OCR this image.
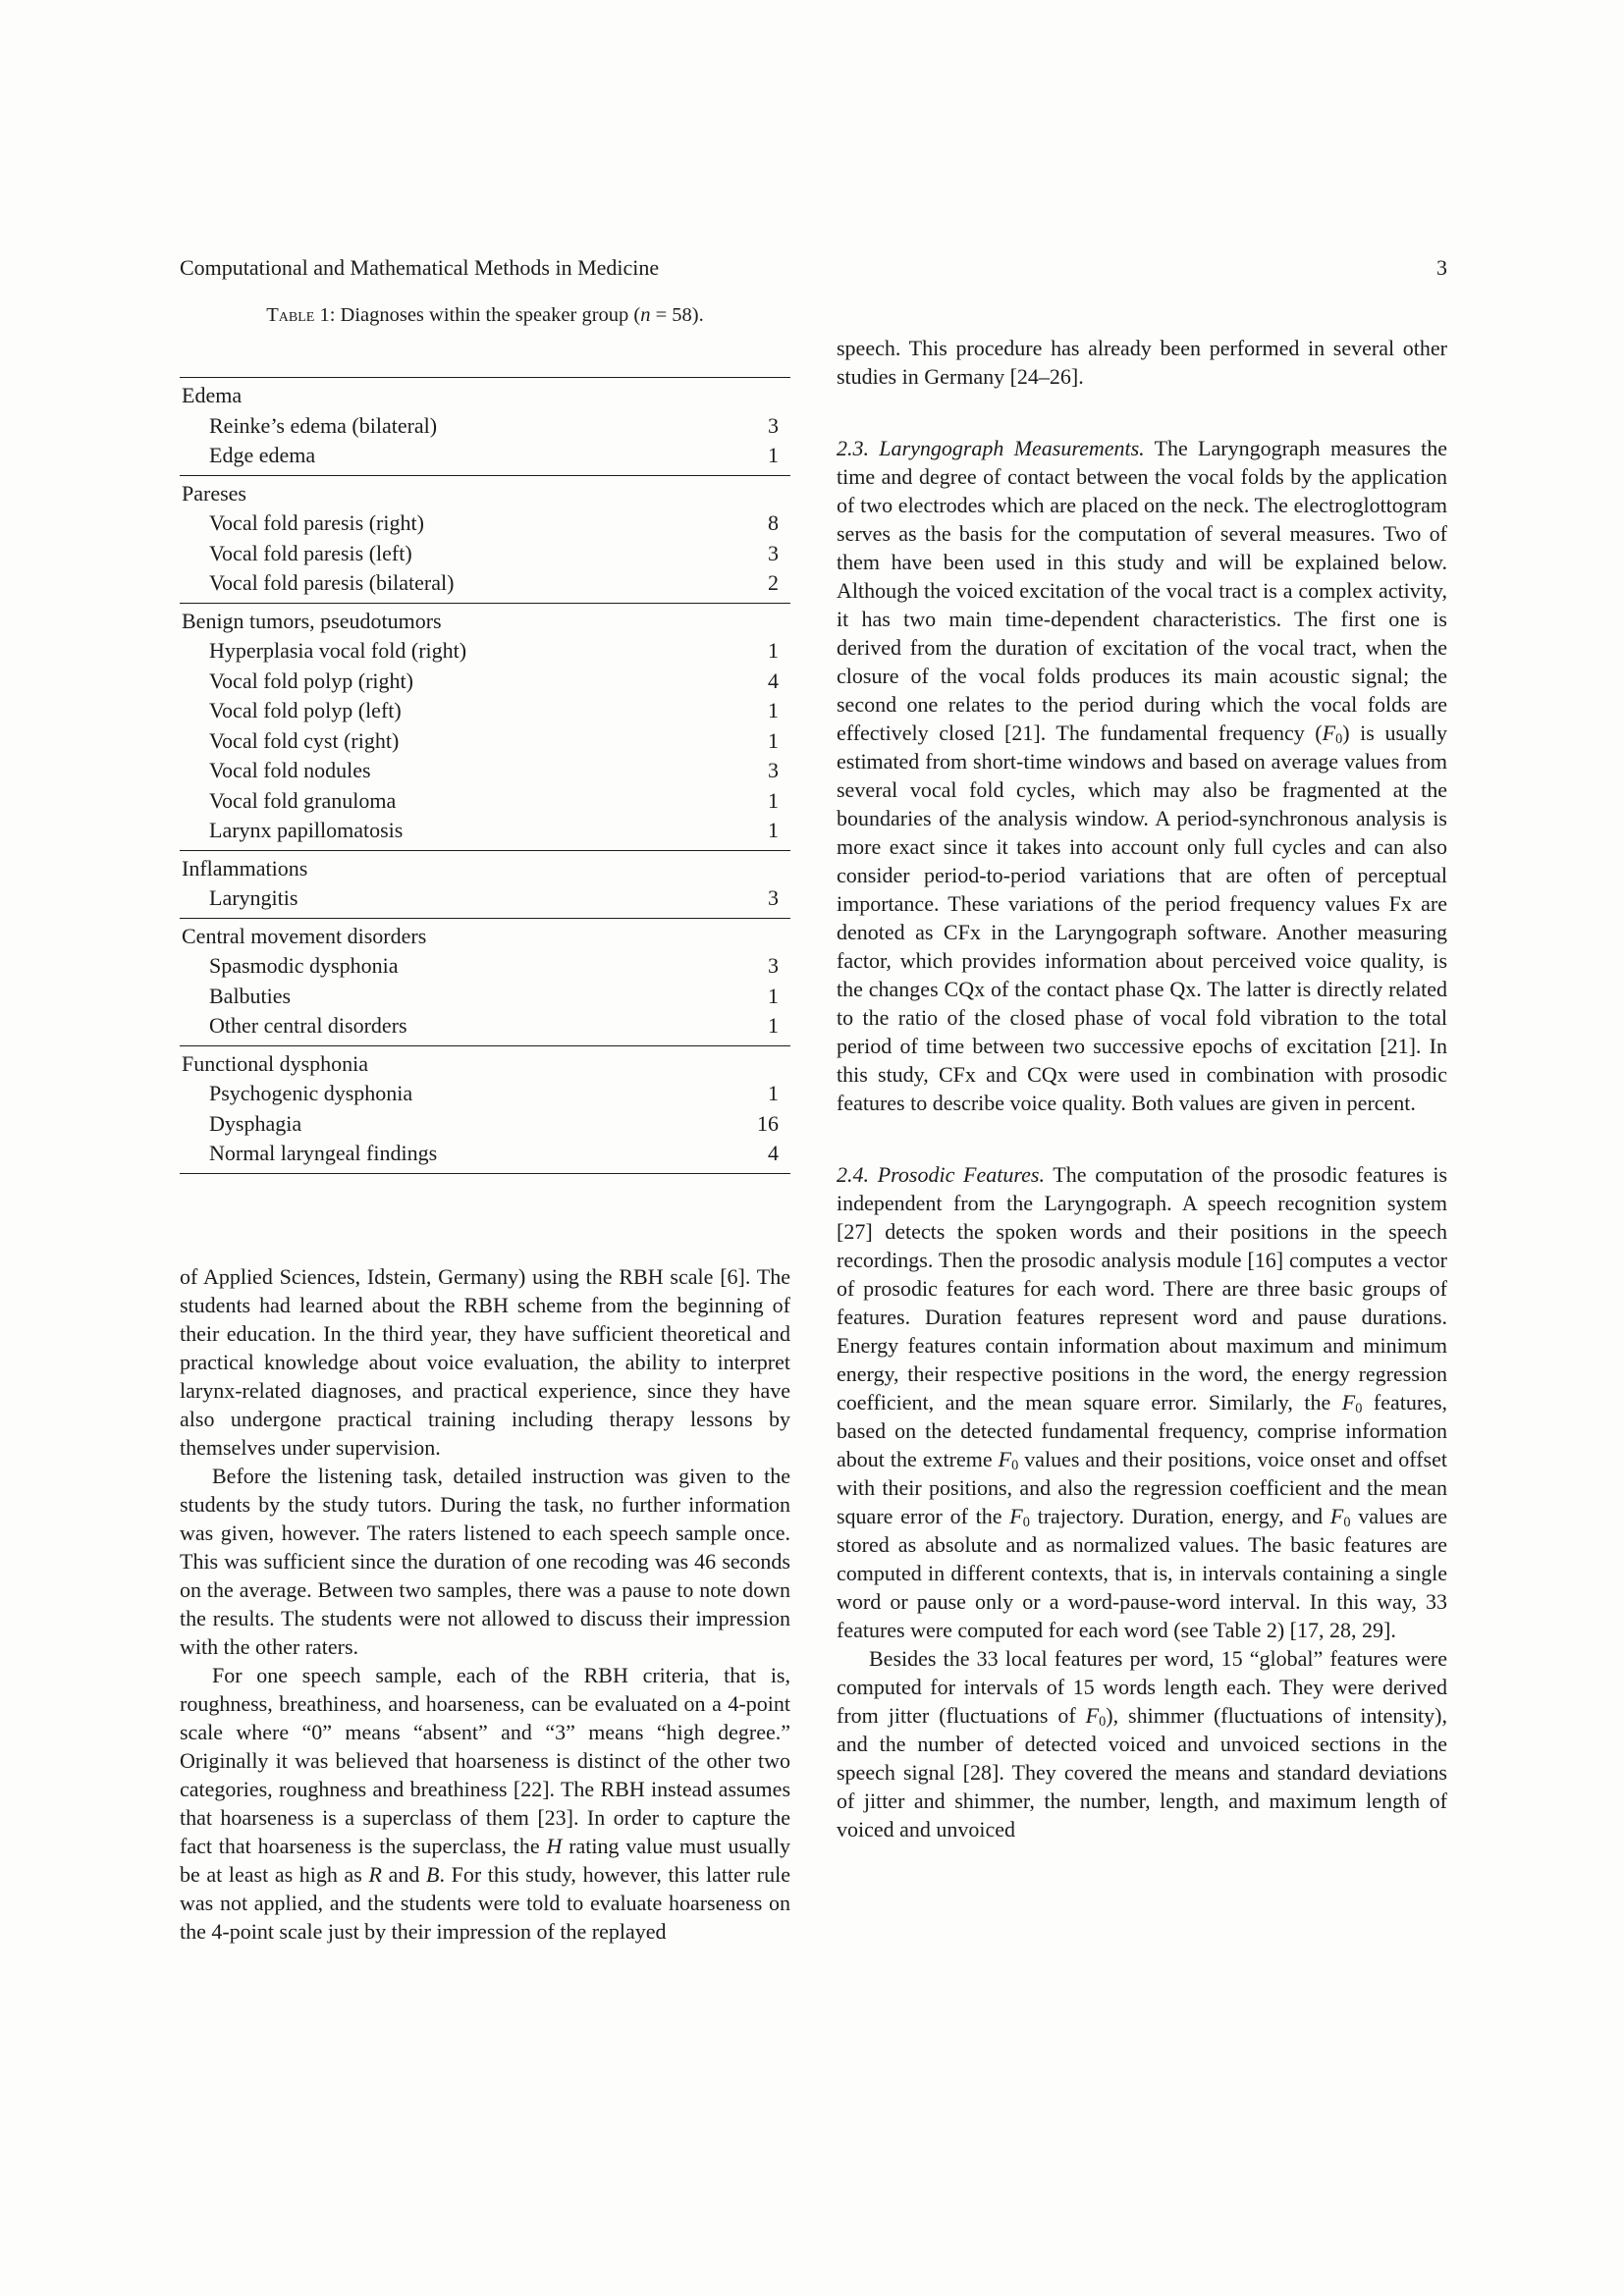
Computational and Mathematical Methods in Medicine	3
Table 1: Diagnoses within the speaker group (n = 58).
Edema
Reinke’s edema (bilateral)	3
Edge edema	1
Pareses
Vocal fold paresis (right)	8
Vocal fold paresis (left)	3
Vocal fold paresis (bilateral)	2
Benign tumors, pseudotumors
Hyperplasia vocal fold (right)	1
Vocal fold polyp (right)	4
Vocal fold polyp (left)	1
Vocal fold cyst (right)	1
Vocal fold nodules	3
Vocal fold granuloma	1
Larynx papillomatosis	1
Inflammations
Laryngitis	3
Central movement disorders
Spasmodic dysphonia	3
Balbuties	1
Other central disorders	1
Functional dysphonia
Psychogenic dysphonia	1
Dysphagia	16
Normal laryngeal findings	4

of Applied Sciences, Idstein, Germany) using the RBH scale [6]. The students had learned about the RBH scheme from the beginning of their education. In the third year, they have sufficient theoretical and practical knowledge about voice evaluation, the ability to interpret larynx-related diagnoses, and practical experience, since they have also undergone practical training including therapy lessons by themselves under supervision.

Before the listening task, detailed instruction was given to the students by the study tutors. During the task, no further information was given, however. The raters listened to each speech sample once. This was sufficient since the duration of one recoding was 46 seconds on the average. Between two samples, there was a pause to note down the results. The students were not allowed to discuss their impression with the other raters.

For one speech sample, each of the RBH criteria, that is, roughness, breathiness, and hoarseness, can be evaluated on a 4-point scale where “0” means “absent” and “3” means “high degree.” Originally it was believed that hoarseness is distinct of the other two categories, roughness and breathiness [22]. The RBH instead assumes that hoarseness is a superclass of them [23]. In order to capture the fact that hoarseness is the superclass, the H rating value must usually be at least as high as R and B. For this study, however, this latter rule was not applied, and the students were told to evaluate hoarseness on the 4-point scale just by their impression of the replayed

speech. This procedure has already been performed in several other studies in Germany [24–26].

2.3. Laryngograph Measurements. The Laryngograph measures the time and degree of contact between the vocal folds by the application of two electrodes which are placed on the neck. The electroglottogram serves as the basis for the computation of several measures. Two of them have been used in this study and will be explained below. Although the voiced excitation of the vocal tract is a complex activity, it has two main time-dependent characteristics. The first one is derived from the duration of excitation of the vocal tract, when the closure of the vocal folds produces its main acoustic signal; the second one relates to the period during which the vocal folds are effectively closed [21]. The fundamental frequency $(F_0)$ is usually estimated from short-time windows and based on average values from several vocal fold cycles, which may also be fragmented at the boundaries of the analysis window. A period-synchronous analysis is more exact since it takes into account only full cycles and can also consider period-to-period variations that are often of perceptual importance. These variations of the period frequency values Fx are denoted as CFx in the Laryngograph software. Another measuring factor, which provides information about perceived voice quality, is the changes CQx of the contact phase Qx. The latter is directly related to the ratio of the closed phase of vocal fold vibration to the total period of time between two successive epochs of excitation [21]. In this study, CFx and CQx were used in combination with prosodic features to describe voice quality. Both values are given in percent.

2.4. Prosodic Features. The computation of the prosodic features is independent from the Laryngograph. A speech recognition system [27] detects the spoken words and their positions in the speech recordings. Then the prosodic analysis module [16] computes a vector of prosodic features for each word. There are three basic groups of features. Duration features represent word and pause durations. Energy features contain information about maximum and minimum energy, their respective positions in the word, the energy regression coefficient, and the mean square error. Similarly, the $F_0$ features, based on the detected fundamental frequency, comprise information about the extreme $F_0$ values and their positions, voice onset and offset with their positions, and also the regression coefficient and the mean square error of the $F_0$ trajectory. Duration, energy, and $F_0$ values are stored as absolute and as normalized values. The basic features are computed in different contexts, that is, in intervals containing a single word or pause only or a word-pause-word interval. In this way, 33 features were computed for each word (see Table 2) [17, 28, 29].

Besides the 33 local features per word, 15 “global” features were computed for intervals of 15 words length each. They were derived from jitter (fluctuations of $F_0$), shimmer (fluctuations of intensity), and the number of detected voiced and unvoiced sections in the speech signal [28]. They covered the means and standard deviations of jitter and shimmer, the number, length, and maximum length of voiced and unvoiced
